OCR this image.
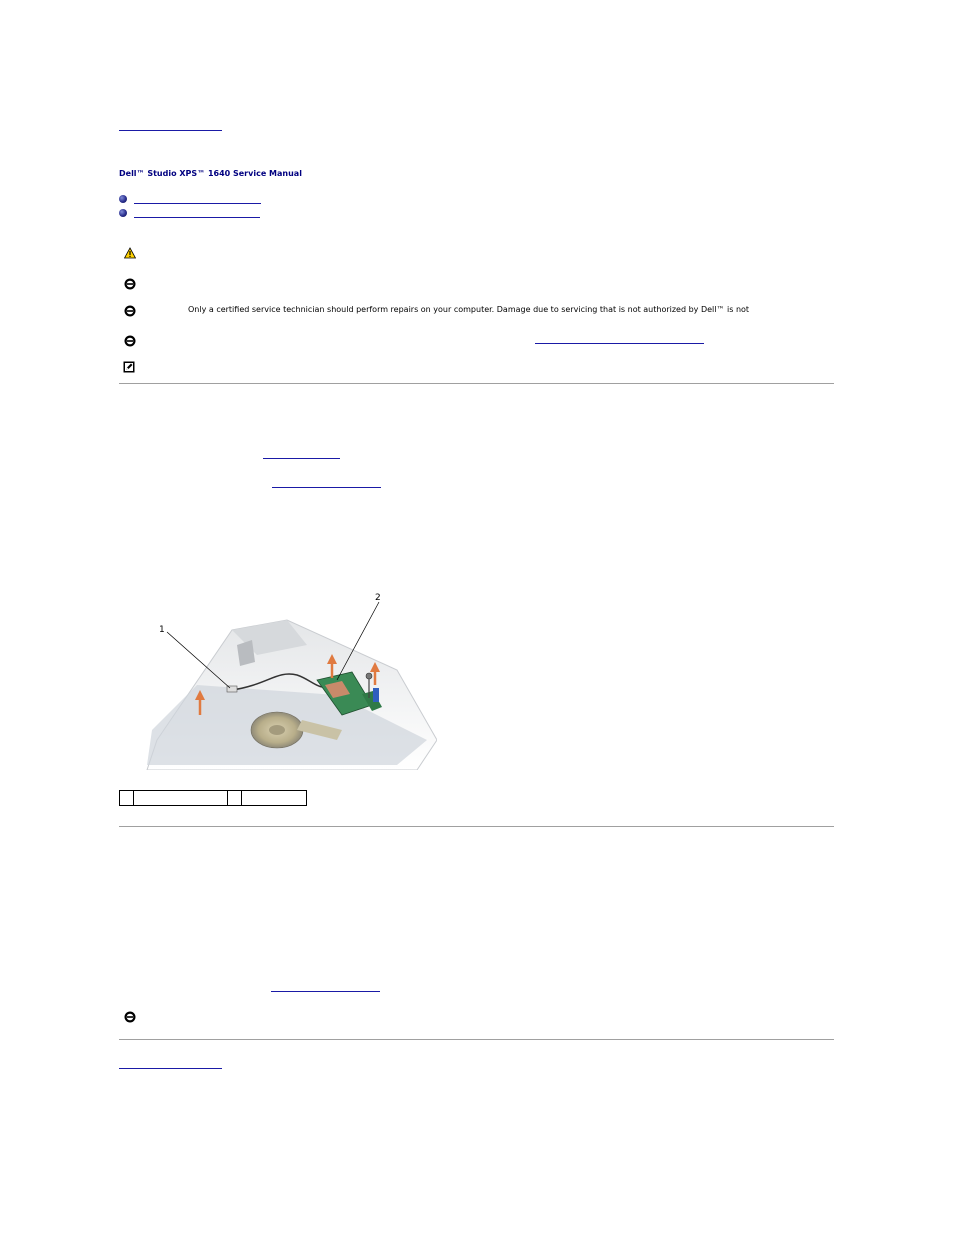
Dell™ Studio XPS™ 1640 Service Manual
Only a certified service technician should perform repairs on your computer. Damage due to servicing that is not authorized by Dell™ is not
1
2
